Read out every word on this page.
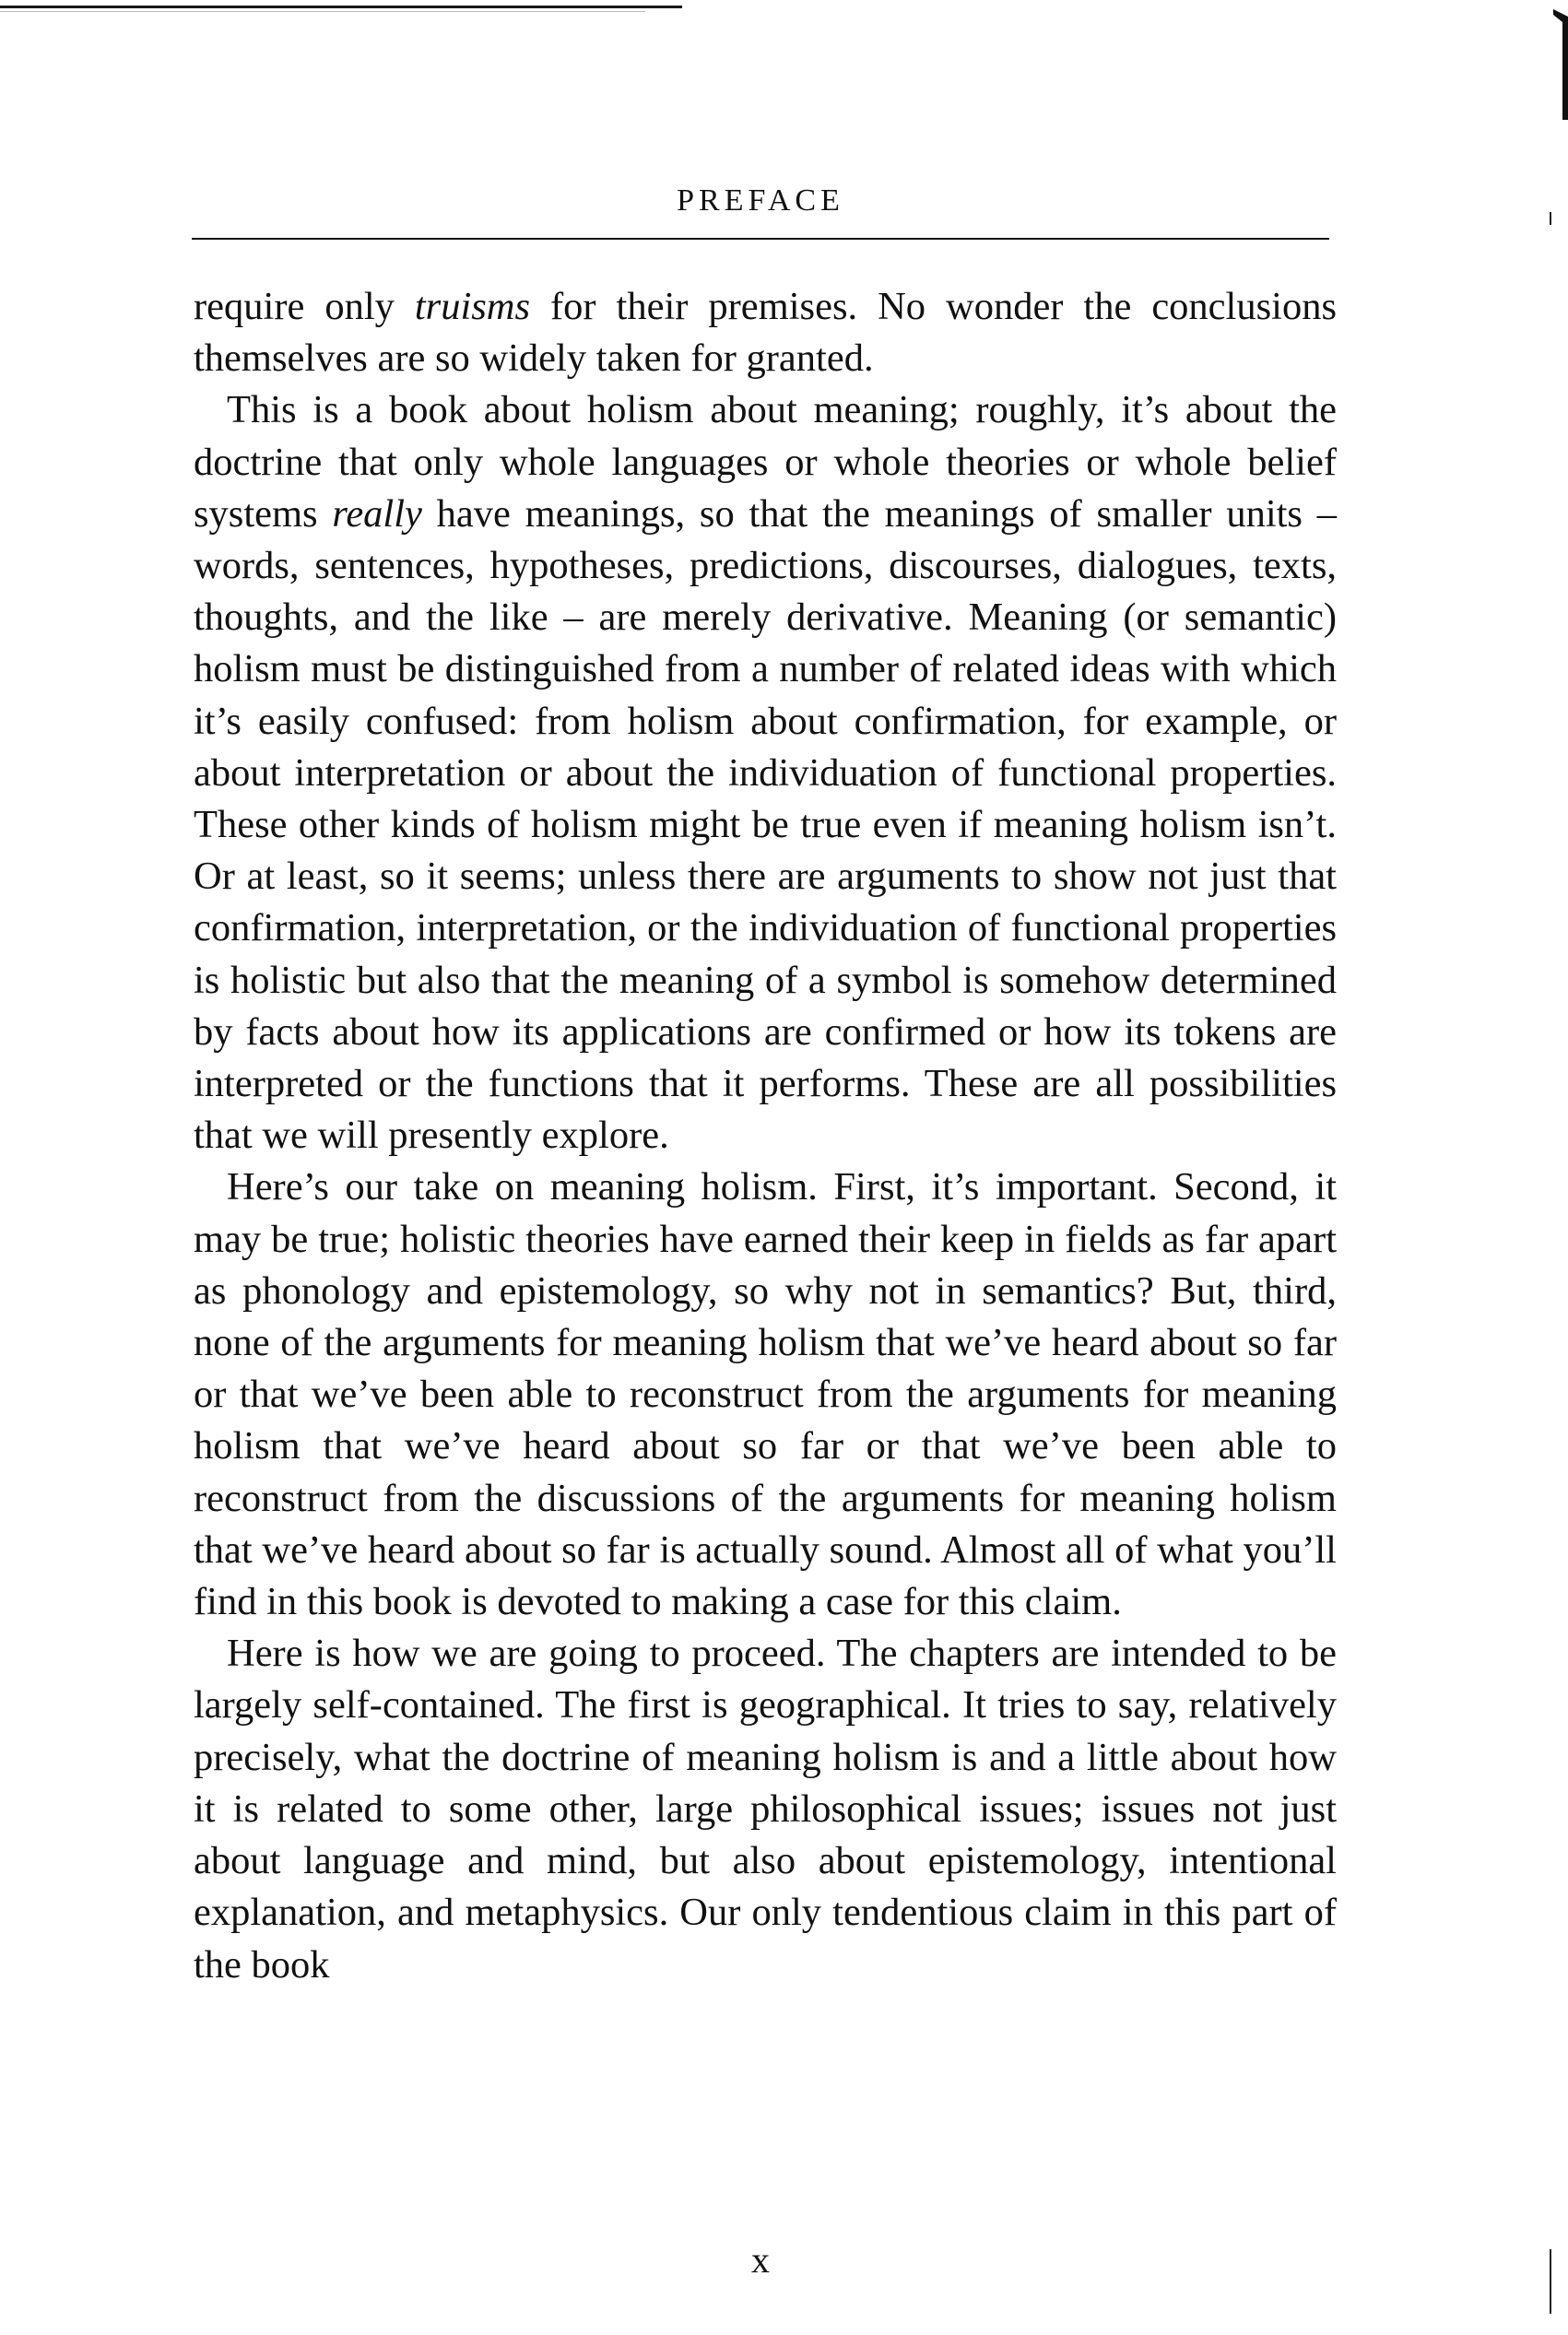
PREFACE

require only truisms for their premises. No wonder the conclusions themselves are so widely taken for granted.

This is a book about holism about meaning; roughly, it’s about the doctrine that only whole languages or whole theories or whole belief systems really have meanings, so that the meanings of smaller units – words, sentences, hypotheses, predictions, discourses, dialogues, texts, thoughts, and the like – are merely derivative. Meaning (or semantic) holism must be distinguished from a number of related ideas with which it’s easily confused: from holism about confirmation, for example, or about interpretation or about the individuation of functional properties. These other kinds of holism might be true even if meaning holism isn’t. Or at least, so it seems; unless there are arguments to show not just that confirmation, interpretation, or the individuation of functional properties is holistic but also that the meaning of a symbol is somehow determined by facts about how its applications are confirmed or how its tokens are interpreted or the functions that it performs. These are all possibilities that we will presently explore.

Here’s our take on meaning holism. First, it’s important. Second, it may be true; holistic theories have earned their keep in fields as far apart as phonology and epistemology, so why not in semantics? But, third, none of the arguments for meaning holism that we’ve heard about so far or that we’ve been able to reconstruct from the arguments for meaning holism that we’ve heard about so far or that we’ve been able to reconstruct from the discussions of the arguments for meaning holism that we’ve heard about so far is actually sound. Almost all of what you’ll find in this book is devoted to making a case for this claim.

Here is how we are going to proceed. The chapters are intended to be largely self-contained. The first is geographical. It tries to say, relatively precisely, what the doctrine of meaning holism is and a little about how it is related to some other, large philosophical issues; issues not just about language and mind, but also about epistemology, intentional explanation, and metaphysics. Our only tendentious claim in this part of the book

x
